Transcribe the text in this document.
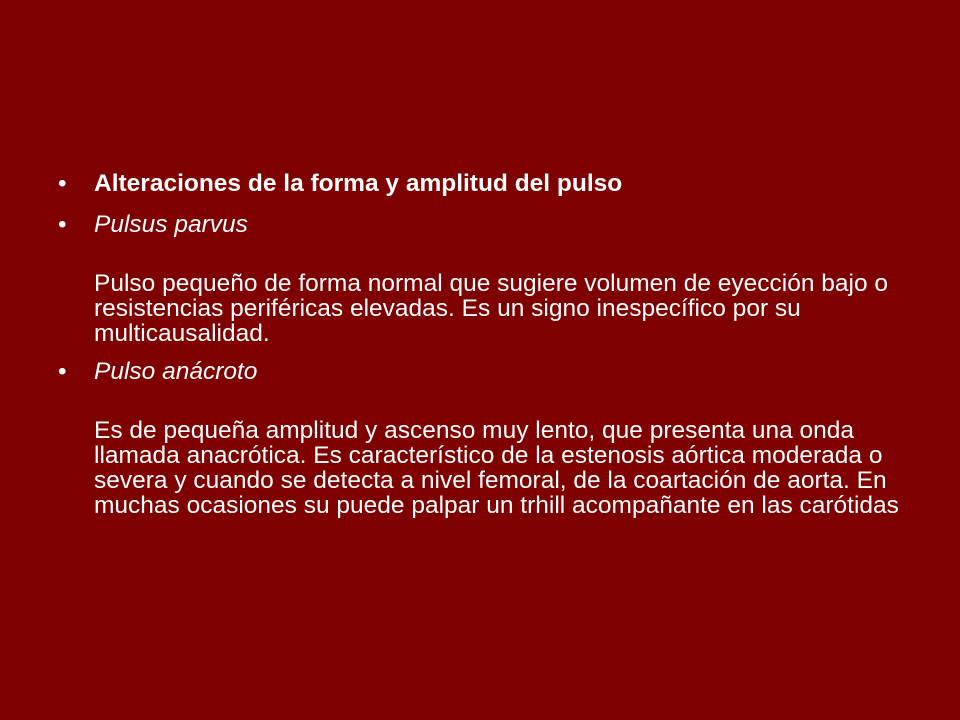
• Alteraciones de la forma y amplitud del pulso
• Pulsus parvus
Pulso pequeño de forma normal que sugiere volumen de eyección bajo o resistencias periféricas elevadas. Es un signo inespecífico por su multicausalidad.
• Pulso anácroto
Es de pequeña amplitud y ascenso muy lento, que presenta una onda llamada anacrótica. Es característico de la estenosis aórtica moderada o severa y cuando se detecta a nivel femoral, de la coartación de aorta. En muchas ocasiones su puede palpar un trhill acompañante en las carótidas
